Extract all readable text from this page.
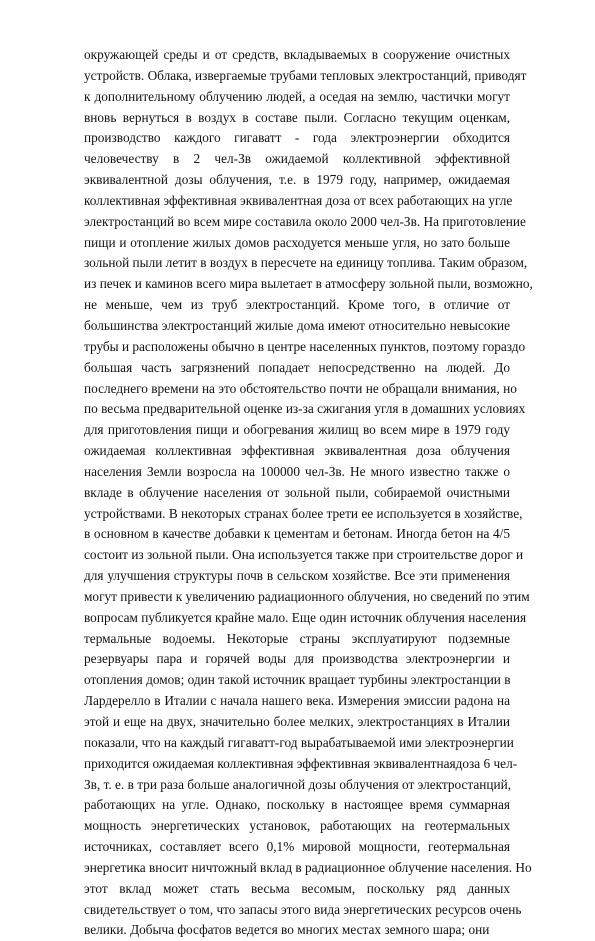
окружающей среды и от средств, вкладываемых в сооружение очистных
устройств. Облака, извергаемые трубами тепловых электростанций, приводят
к дополнительному облучению людей, а оседая на землю, частички могут
вновь вернуться в воздух в составе пыли. Согласно текущим оценкам,
производство каждого гигаватт - года электроэнергии обходится
человечеству в 2 чел-Зв ожидаемой коллективной эффективной
эквивалентной дозы облучения, т.е. в 1979 году, например, ожидаемая
коллективная эффективная эквивалентная доза от всех работающих на угле
электростанций во всем мире составила около 2000 чел-Зв. На приготовление
пищи и отопление жилых домов расходуется меньше угля, но зато больше
зольной пыли летит в воздух в пересчете на единицу топлива. Таким образом,
из печек и каминов всего мира вылетает в атмосферу зольной пыли, возможно,
не меньше, чем из труб электростанций. Кроме того, в отличие от
большинства электростанций жилые дома имеют относительно невысокие
трубы и расположены обычно в центре населенных пунктов, поэтому гораздо
большая часть загрязнений попадает непосредственно на людей. До
последнего времени на это обстоятельство почти не обращали внимания, но
по весьма предварительной оценке из-за сжигания угля в домашних условиях
для приготовления пищи и обогревания жилищ во всем мире в 1979 году
ожидаемая коллективная эффективная эквивалентная доза облучения
населения Земли возросла на 100000 чел-Зв. Не много известно также о
вкладе в облучение населения от зольной пыли, собираемой очистными
устройствами. В некоторых странах более трети ее используется в хозяйстве,
в основном в качестве добавки к цементам и бетонам. Иногда бетон на 4/5
состоит из зольной пыли. Она используется также при строительстве дорог и
для улучшения структуры почв в сельском хозяйстве. Все эти применения
могут привести к увеличению радиационного облучения, но сведений по этим
вопросам публикуется крайне мало. Еще один источник облучения населения
термальные водоемы. Некоторые страны эксплуатируют подземные
резервуары пара и горячей воды для производства электроэнергии и
отопления домов; один такой источник вращает турбины электростанции в
Лардерелло в Италии с начала нашего века. Измерения эмиссии радона на
этой и еще на двух, значительно более мелких, электростанциях в Италии
показали, что на каждый гигаватт-год вырабатываемой ими электроэнергии
приходится ожидаемая коллективная эффективная эквивалентнаядоза 6 чел-
Зв, т. е. в три раза больше аналогичной дозы облучения от электростанций,
работающих на угле. Однако, поскольку в настоящее время суммарная
мощность энергетических установок, работающих на геотермальных
источниках, составляет всего 0,1% мировой мощности, геотермальная
энергетика вносит ничтожный вклад в радиационное облучение населения. Но
этот вклад может стать весьма весомым, поскольку ряд данных
свидетельствует о том, что запасы этого вида энергетических ресурсов очень
велики. Добыча фосфатов ведется во многих местах земного шара; они
